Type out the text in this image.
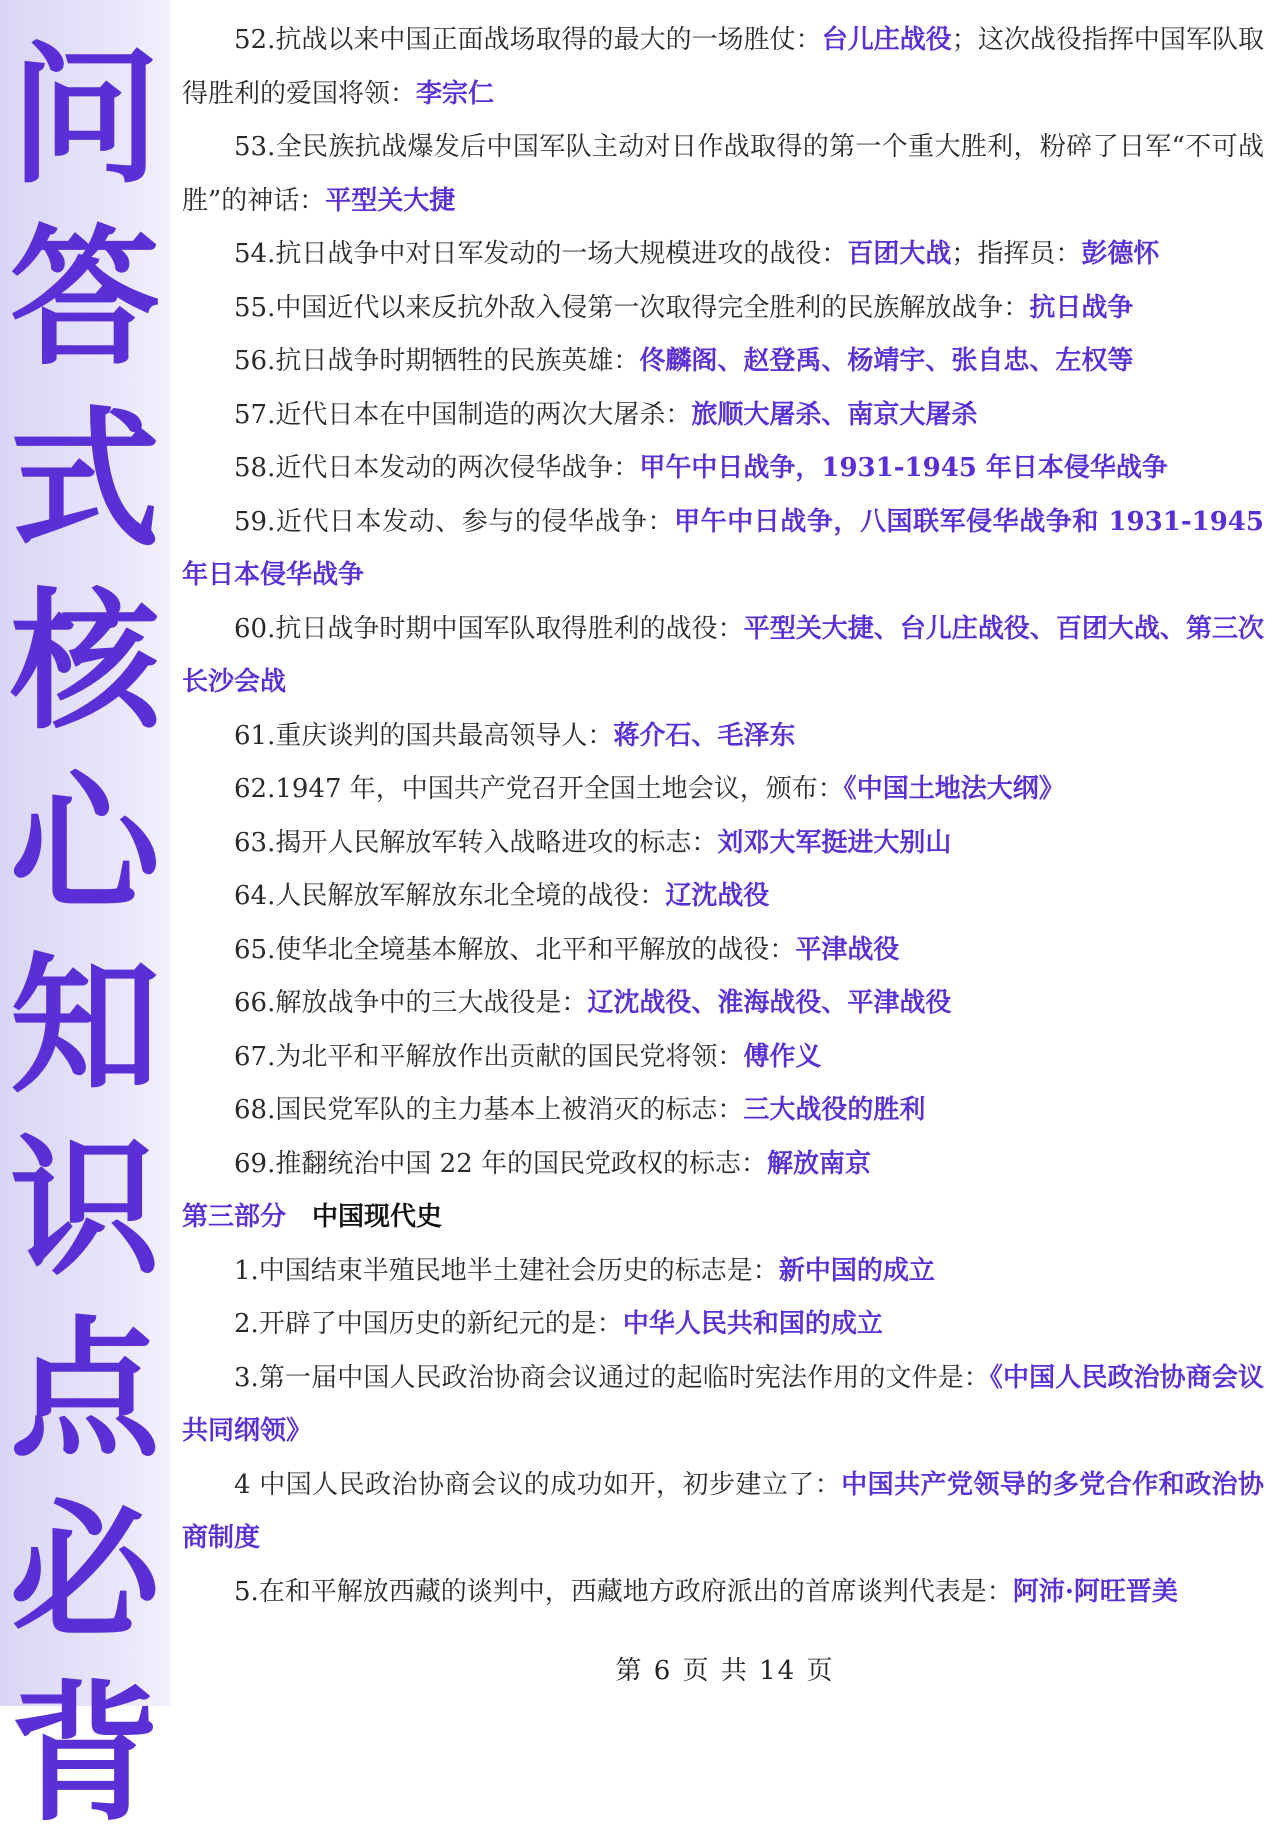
问
答
式
核
心
知
识
点
必
背

52.抗战以来中国正面战场取得的最大的一场胜仗：台儿庄战役；这次战役指挥中国军队取得胜利的爱国将领：李宗仁

53.全民族抗战爆发后中国军队主动对日作战取得的第一个重大胜利，粉碎了日军“不可战胜”的神话：平型关大捷

54.抗日战争中对日军发动的一场大规模进攻的战役：百团大战；指挥员：彭德怀

55.中国近代以来反抗外敌入侵第一次取得完全胜利的民族解放战争：抗日战争

56.抗日战争时期牺牲的民族英雄：佟麟阁、赵登禹、杨靖宇、张自忠、左权等

57.近代日本在中国制造的两次大屠杀：旅顺大屠杀、南京大屠杀

58.近代日本发动的两次侵华战争：甲午中日战争，1931-1945 年日本侵华战争

59.近代日本发动、参与的侵华战争：甲午中日战争，八国联军侵华战争和 1931-1945 年日本侵华战争

60.抗日战争时期中国军队取得胜利的战役：平型关大捷、台儿庄战役、百团大战、第三次长沙会战

61.重庆谈判的国共最高领导人：蒋介石、毛泽东

62.1947 年，中国共产党召开全国土地会议，颁布：《中国土地法大纲》

63.揭开人民解放军转入战略进攻的标志：刘邓大军挺进大别山

64.人民解放军解放东北全境的战役：辽沈战役

65.使华北全境基本解放、北平和平解放的战役：平津战役

66.解放战争中的三大战役是：辽沈战役、淮海战役、平津战役

67.为北平和平解放作出贡献的国民党将领：傅作义

68.国民党军队的主力基本上被消灭的标志：三大战役的胜利

69.推翻统治中国 22 年的国民党政权的标志：解放南京

第三部分 中国现代史

1.中国结束半殖民地半土建社会历史的标志是：新中国的成立

2.开辟了中国历史的新纪元的是：中华人民共和国的成立

3.第一届中国人民政治协商会议通过的起临时宪法作用的文件是：《中国人民政治协商会议共同纲领》

4 中国人民政治协商会议的成功如开，初步建立了：中国共产党领导的多党合作和政治协商制度

5.在和平解放西藏的谈判中，西藏地方政府派出的首席谈判代表是：阿沛·阿旺晋美

第 6 页 共 14 页
